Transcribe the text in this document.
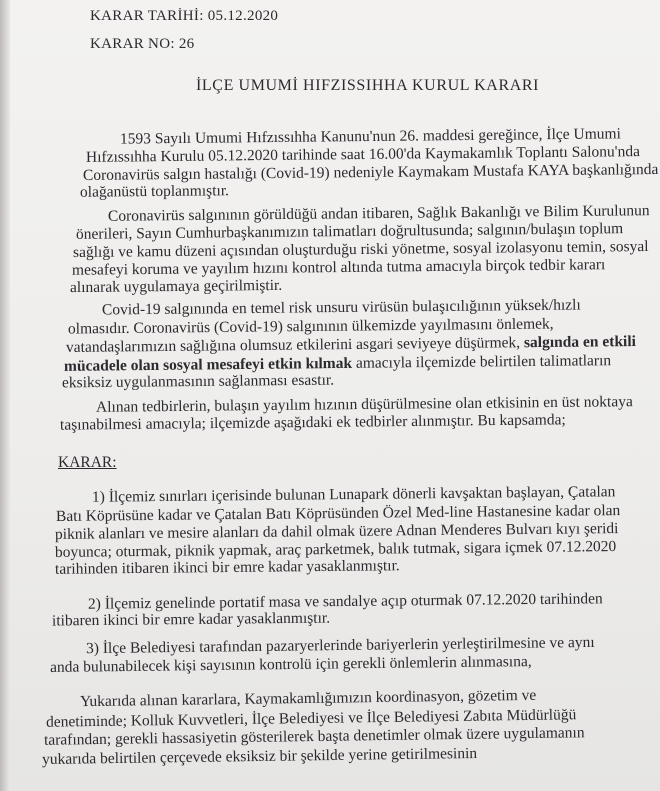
KARAR TARİHİ: 05.12.2020
KARAR NO: 26
İLÇE UMUMİ HIFZISSIHHA KURUL KARARI
1593 Sayılı Umumi Hıfzıssıhha Kanunu'nun 26. maddesi gereğince, İlçe Umumi
Hıfzıssıhha Kurulu 05.12.2020 tarihinde saat 16.00'da Kaymakamlık Toplantı Salonu'nda
Coronavirüs salgın hastalığı (Covid-19) nedeniyle Kaymakam Mustafa KAYA başkanlığında
olağanüstü toplanmıştır.
Coronavirüs salgınının görüldüğü andan itibaren, Sağlık Bakanlığı ve Bilim Kurulunun
önerileri, Sayın Cumhurbaşkanımızın talimatları doğrultusunda; salgının/bulaşın toplum
sağlığı ve kamu düzeni açısından oluşturduğu riski yönetme, sosyal izolasyonu temin, sosyal
mesafeyi koruma ve yayılım hızını kontrol altında tutma amacıyla birçok tedbir kararı
alınarak uygulamaya geçirilmiştir.
Covid-19 salgınında en temel risk unsuru virüsün bulaşıcılığının yüksek/hızlı
olmasıdır. Coronavirüs (Covid-19) salgınının ülkemizde yayılmasını önlemek,
vatandaşlarımızın sağlığına olumsuz etkilerini asgari seviyeye düşürmek, salgında en etkili
mücadele olan sosyal mesafeyi etkin kılmak amacıyla ilçemizde belirtilen talimatların
eksiksiz uygulanmasının sağlanması esastır.
Alınan tedbirlerin, bulaşın yayılım hızının düşürülmesine olan etkisinin en üst noktaya
taşınabilmesi amacıyla; ilçemizde aşağıdaki ek tedbirler alınmıştır. Bu kapsamda;
KARAR:
1) İlçemiz sınırları içerisinde bulunan Lunapark dönerli kavşaktan başlayan, Çatalan
Batı Köprüsüne kadar ve Çatalan Batı Köprüsünden Özel Med-line Hastanesine kadar olan
piknik alanları ve mesire alanları da dahil olmak üzere Adnan Menderes Bulvarı kıyı şeridi
boyunca; oturmak, piknik yapmak, araç parketmek, balık tutmak, sigara içmek 07.12.2020
tarihinden itibaren ikinci bir emre kadar yasaklanmıştır.
2) İlçemiz genelinde portatif masa ve sandalye açıp oturmak 07.12.2020 tarihinden
itibaren ikinci bir emre kadar yasaklanmıştır.
3) İlçe Belediyesi tarafından pazaryerlerinde bariyerlerin yerleştirilmesine ve aynı
anda bulunabilecek kişi sayısının kontrolü için gerekli önlemlerin alınmasına,
Yukarıda alınan kararlara, Kaymakamlığımızın koordinasyon, gözetim ve
denetiminde; Kolluk Kuvvetleri, İlçe Belediyesi ve İlçe Belediyesi Zabıta Müdürlüğü
tarafından; gerekli hassasiyetin gösterilerek başta denetimler olmak üzere uygulamanın
yukarıda belirtilen çerçevede eksiksiz bir şekilde yerine getirilmesinin
